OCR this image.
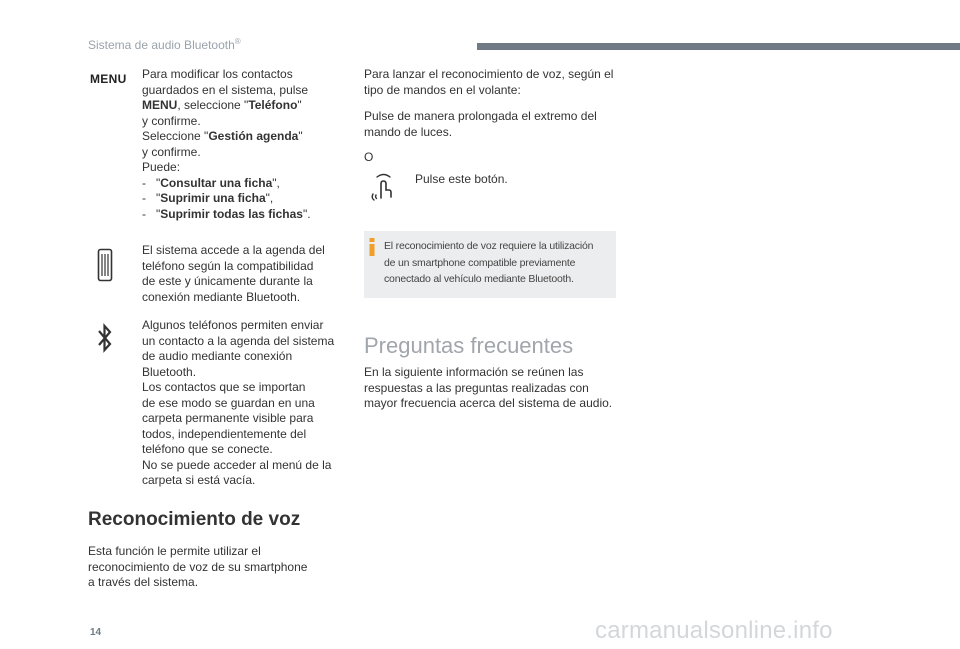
Sistema de audio Bluetooth®
MENU Para modificar los contactos
guardados en el sistema, pulse
MENU, seleccione "Teléfono"
y confirme.
Seleccione "Gestión agenda"
y confirme.
Puede:
-   "Consultar una ficha",
-   "Suprimir una ficha",
-   "Suprimir todas las fichas".
El sistema accede a la agenda del
teléfono según la compatibilidad
de este y únicamente durante la
conexión mediante Bluetooth.
Algunos teléfonos permiten enviar
un contacto a la agenda del sistema
de audio mediante conexión
Bluetooth.
Los contactos que se importan
de ese modo se guardan en una
carpeta permanente visible para
todos, independientemente del
teléfono que se conecte.
No se puede acceder al menú de la
carpeta si está vacía.
Reconocimiento de voz
Esta función le permite utilizar el
reconocimiento de voz de su smartphone
a través del sistema.
Para lanzar el reconocimiento de voz, según el
tipo de mandos en el volante:
Pulse de manera prolongada el extremo del
mando de luces.
O
Pulse este botón.
El reconocimiento de voz requiere la utilización
de un smartphone compatible previamente
conectado al vehículo mediante Bluetooth.
Preguntas frecuentes
En la siguiente información se reúnen las
respuestas a las preguntas realizadas con
mayor frecuencia acerca del sistema de audio.
14	carmanualsonline.info
